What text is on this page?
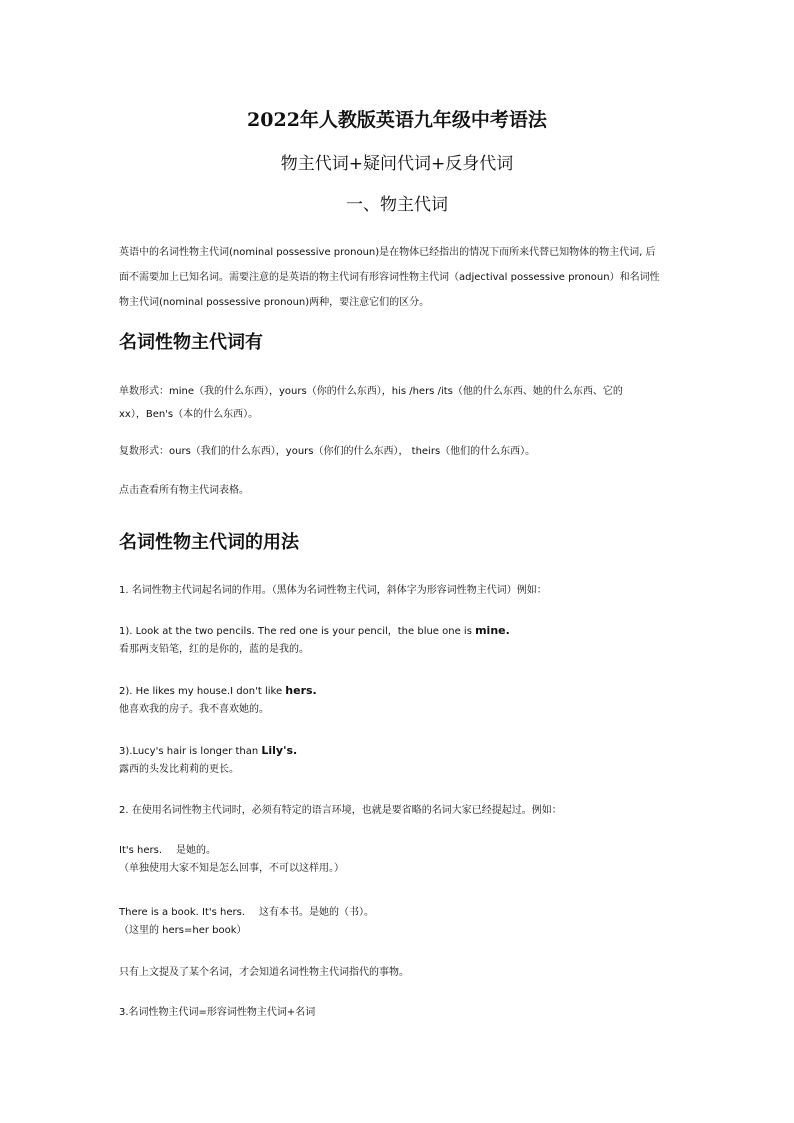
2022年人教版英语九年级中考语法
物主代词+疑问代词+反身代词
一、物主代词
英语中的名词性物主代词(nominal possessive pronoun)是在物体已经指出的情况下而所来代替已知物体的物主代词, 后
面不需要加上已知名词。需要注意的是英语的物主代词有形容词性物主代词（adjectival possessive pronoun）和名词性
物主代词(nominal possessive pronoun)两种，要注意它们的区分。
名词性物主代词有
单数形式：mine（我的什么东西），yours（你的什么东西），his /hers /its（他的什么东西、她的什么东西、它的
xx），Ben's（本的什么东西）。
复数形式：ours（我们的什么东西），yours（你们的什么东西）， theirs（他们的什么东西）。
点击查看所有物主代词表格。
名词性物主代词的用法
1. 名词性物主代词起名词的作用。（黑体为名词性物主代词，斜体字为形容词性物主代词）例如：
1). Look at the two pencils. The red one is your pencil，the blue one is mine.
看那两支铅笔，红的是你的，蓝的是我的。
2). He likes my house.I don't like hers.
他喜欢我的房子。我不喜欢她的。
3).Lucy's hair is longer than Lily's.
露西的头发比莉莉的更长。
2. 在使用名词性物主代词时，必须有特定的语言环境，也就是要省略的名词大家已经提起过。例如：
It's hers. 是她的。
（单独使用大家不知是怎么回事，不可以这样用。）
There is a book. It's hers. 这有本书。是她的（书）。
（这里的 hers=her book）
只有上文提及了某个名词，才会知道名词性物主代词指代的事物。
3.名词性物主代词=形容词性物主代词+名词
